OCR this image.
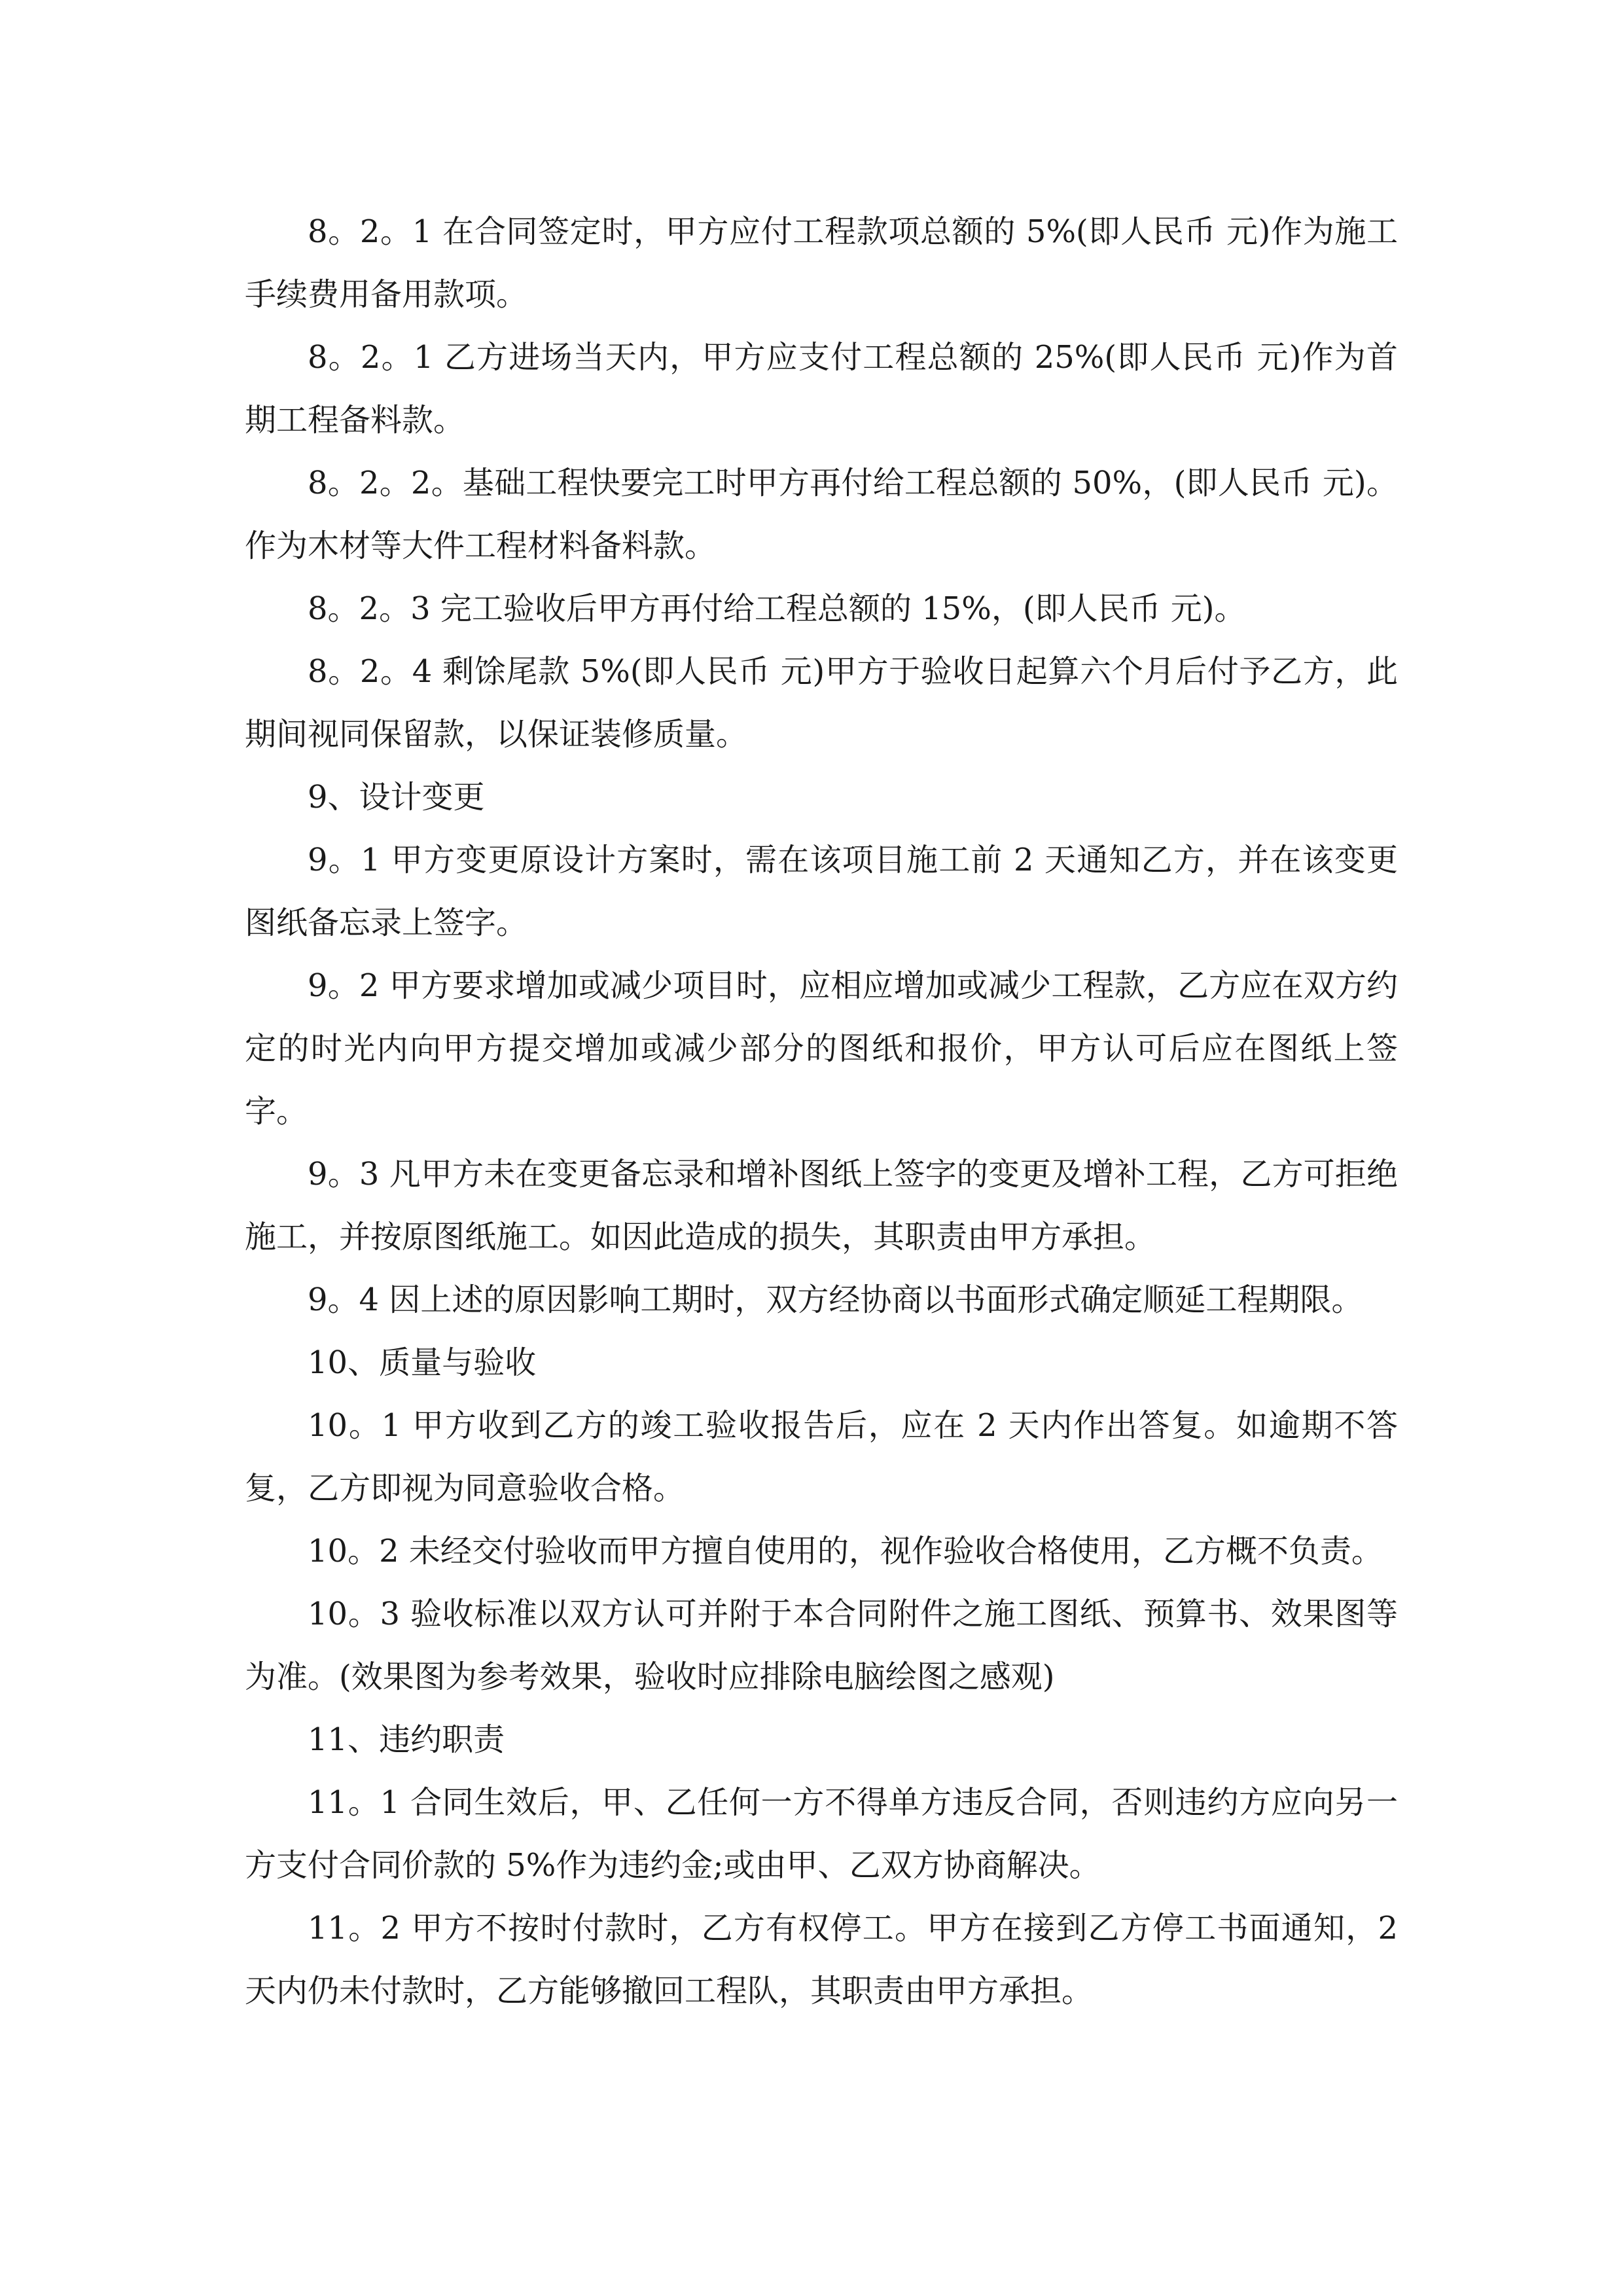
8。2。1 在合同签定时，甲方应付工程款项总额的 5%(即人民币 元)作为施工手续费用备用款项。

8。2。1 乙方进场当天内，甲方应支付工程总额的 25%(即人民币 元)作为首期工程备料款。

8。2。2。基础工程快要完工时甲方再付给工程总额的 50%，(即人民币 元)。作为木材等大件工程材料备料款。

8。2。3 完工验收后甲方再付给工程总额的 15%，(即人民币 元)。

8。2。4 剩馀尾款 5%(即人民币 元)甲方于验收日起算六个月后付予乙方，此期间视同保留款，以保证装修质量。

9、设计变更

9。1 甲方变更原设计方案时，需在该项目施工前 2 天通知乙方，并在该变更图纸备忘录上签字。

9。2 甲方要求增加或减少项目时，应相应增加或减少工程款，乙方应在双方约定的时光内向甲方提交增加或减少部分的图纸和报价，甲方认可后应在图纸上签字。

9。3 凡甲方未在变更备忘录和增补图纸上签字的变更及增补工程，乙方可拒绝施工，并按原图纸施工。如因此造成的损失，其职责由甲方承担。

9。4 因上述的原因影响工期时，双方经协商以书面形式确定顺延工程期限。

10、质量与验收

10。1 甲方收到乙方的竣工验收报告后，应在 2 天内作出答复。如逾期不答复，乙方即视为同意验收合格。

10。2 未经交付验收而甲方擅自使用的，视作验收合格使用，乙方概不负责。

10。3 验收标准以双方认可并附于本合同附件之施工图纸、预算书、效果图等为准。(效果图为参考效果，验收时应排除电脑绘图之感观)

11、违约职责

11。1 合同生效后，甲、乙任何一方不得单方违反合同，否则违约方应向另一方支付合同价款的 5%作为违约金;或由甲、乙双方协商解决。

11。2 甲方不按时付款时，乙方有权停工。甲方在接到乙方停工书面通知，2 天内仍未付款时，乙方能够撤回工程队，其职责由甲方承担。
